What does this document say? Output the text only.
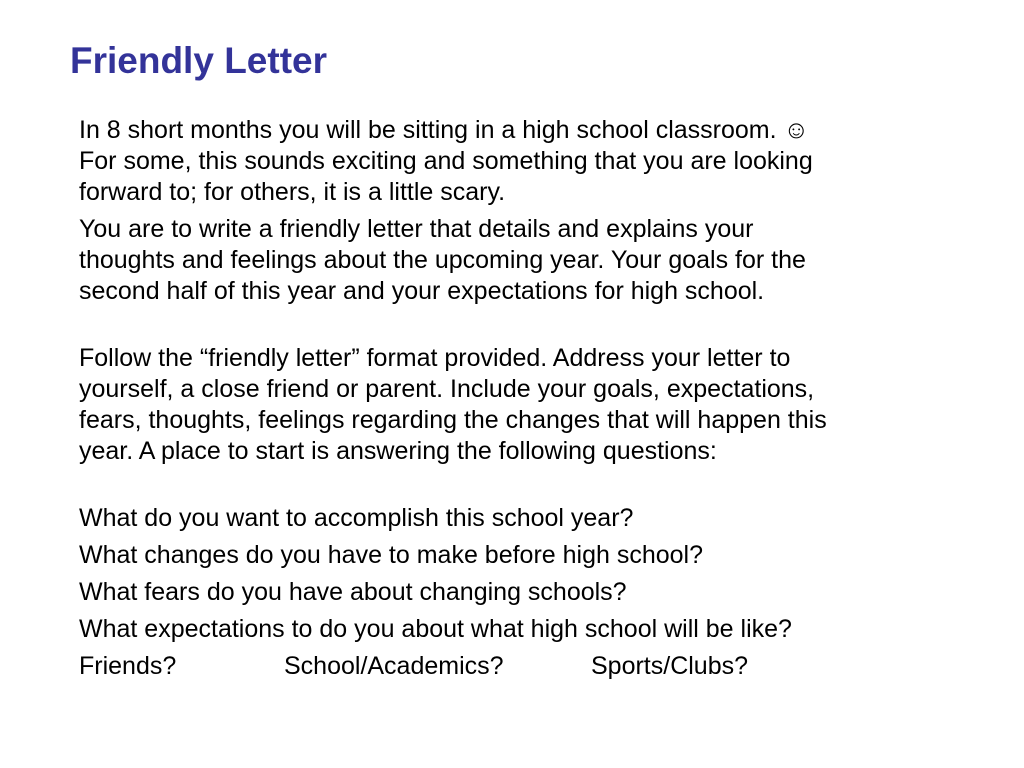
Friendly Letter

In 8 short months you will be sitting in a high school classroom. ☺

For some, this sounds exciting and something that you are looking

forward to; for others, it is a little scary.

You are to write a friendly letter that details and explains your

thoughts and feelings about the upcoming year. Your goals for the

second half of this year and your expectations for high school.

Follow the “friendly letter” format provided. Address your letter to

yourself, a close friend or parent. Include your goals, expectations,

fears, thoughts, feelings regarding the changes that will happen this

year. A place to start is answering the following questions:

What do you want to accomplish this school year?

What changes do you have to make before high school?

What fears do you have about changing schools?

What expectations to do you about what high school will be like?

Friends?	School/Academics?	Sports/Clubs?
